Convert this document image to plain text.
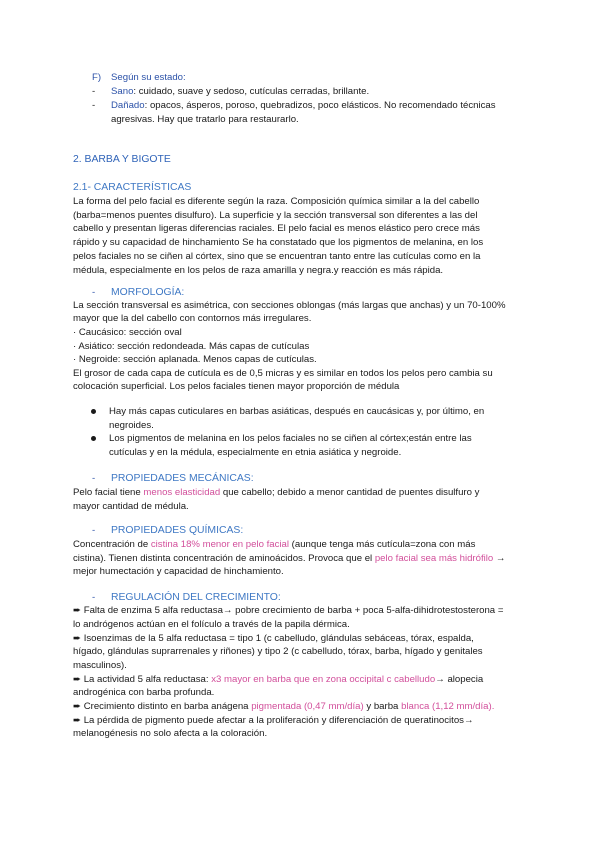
F) Según su estado:
- Sano: cuidado, suave y sedoso, cutículas cerradas, brillante.
- Dañado: opacos, ásperos, poroso, quebradizos, poco elásticos. No recomendado técnicas
agresivas. Hay que tratarlo para restaurarlo.
2. BARBA Y BIGOTE
2.1- CARACTERÍSTICAS
La forma del pelo facial es diferente según la raza. Composición química similar a la del cabello
(barba=menos puentes disulfuro). La superficie y la sección transversal son diferentes a las del
cabello y presentan ligeras diferencias raciales. El pelo facial es menos elástico pero crece más
rápido y su capacidad de hinchamiento Se ha constatado que los pigmentos de melanina, en los
pelos faciales no se ciñen al córtex, sino que se encuentran tanto entre las cutículas como en la
médula, especialmente en los pelos de raza amarilla y negra.y reacción es más rápida.
- MORFOLOGÍA:
La sección transversal es asimétrica, con secciones oblongas (más largas que anchas) y un 70-100%
mayor que la del cabello con contornos más irregulares.
· Caucásico: sección oval
· Asiático: sección redondeada. Más capas de cutículas
· Negroide: sección aplanada. Menos capas de cutículas.
El grosor de cada capa de cutícula es de 0,5 micras y es similar en todos los pelos pero cambia su
colocación superficial. Los pelos faciales tienen mayor proporción de médula
Hay más capas cuticulares en barbas asiáticas, después en caucásicas y, por último, en
negroides.
Los pigmentos de melanina en los pelos faciales no se ciñen al córtex;están entre las
cutículas y en la médula, especialmente en etnia asiática y negroide.
- PROPIEDADES MECÁNICAS:
Pelo facial tiene menos elasticidad que cabello; debido a menor cantidad de puentes disulfuro y
mayor cantidad de médula.
- PROPIEDADES QUÍMICAS:
Concentración de cistina 18% menor en pelo facial (aunque tenga más cutícula=zona con más
cistina). Tienen distinta concentración de aminoácidos. Provoca que el pelo facial sea más hidrófilo →
mejor humectación y capacidad de hinchamiento.
- REGULACIÓN DEL CRECIMIENTO:
➨ Falta de enzima 5 alfa reductasa→ pobre crecimiento de barba + poca 5-alfa-dihidrotestosterona =
lo andrógenos actúan en el folículo a través de la papila dérmica.
➨ Isoenzimas de la 5 alfa reductasa = tipo 1 (c cabelludo, glándulas sebáceas, tórax, espalda,
hígado, glándulas suprarrenales y riñones) y tipo 2 (c cabelludo, tórax, barba, hígado y genitales
masculinos).
➨ La actividad 5 alfa reductasa: x3 mayor en barba que en zona occipital c cabelludo→ alopecia
androgénica con barba profunda.
➨ Crecimiento distinto en barba anágena pigmentada (0,47 mm/día) y barba blanca (1,12 mm/día).
➨ La pérdida de pigmento puede afectar a la proliferación y diferenciación de queratinocitos→
melanogénesis no solo afecta a la coloración.
